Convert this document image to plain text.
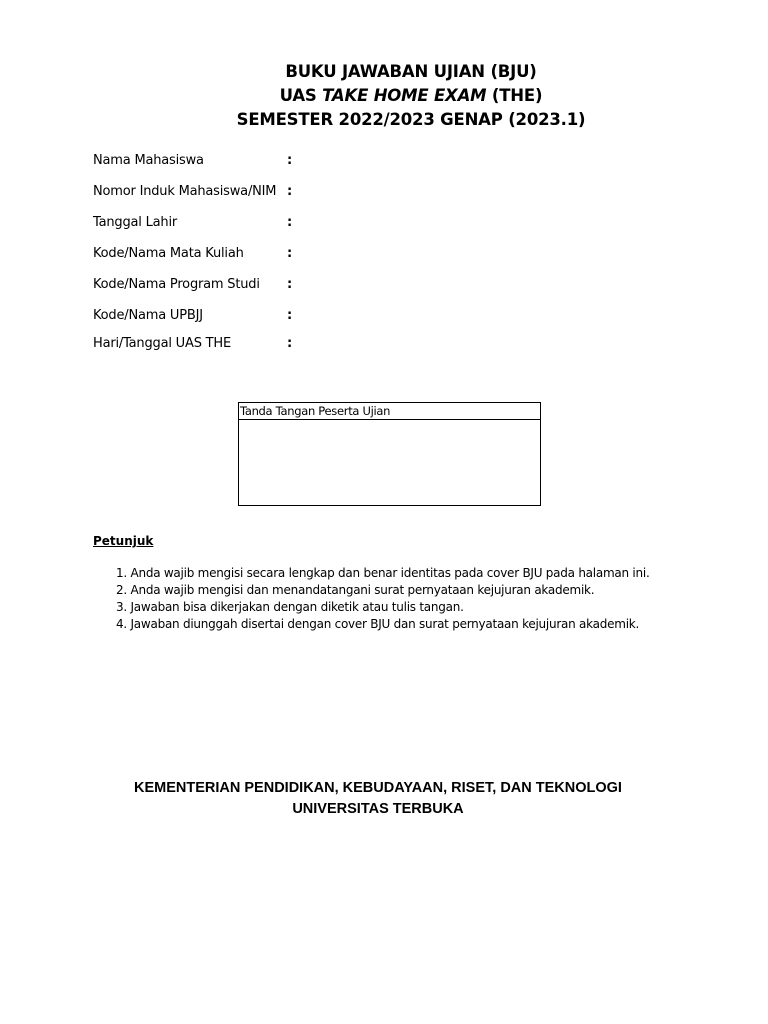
BUKU JAWABAN UJIAN (BJU)
UAS TAKE HOME EXAM (THE)
SEMESTER 2022/2023 GENAP (2023.1)
Nama Mahasiswa	:
Nomor Induk Mahasiswa/NIM :
Tanggal Lahir	:
Kode/Nama Mata Kuliah	:
Kode/Nama Program Studi :
Kode/Nama UPBJJ	:
Hari/Tanggal UAS THE	:
Tanda Tangan Peserta Ujian
Petunjuk
1. Anda wajib mengisi secara lengkap dan benar identitas pada cover BJU pada halaman ini.
2. Anda wajib mengisi dan menandatangani surat pernyataan kejujuran akademik.
3. Jawaban bisa dikerjakan dengan diketik atau tulis tangan.
4. Jawaban diunggah disertai dengan cover BJU dan surat pernyataan kejujuran akademik.
KEMENTERIAN PENDIDIKAN, KEBUDAYAAN, RISET, DAN TEKNOLOGI
UNIVERSITAS TERBUKA
